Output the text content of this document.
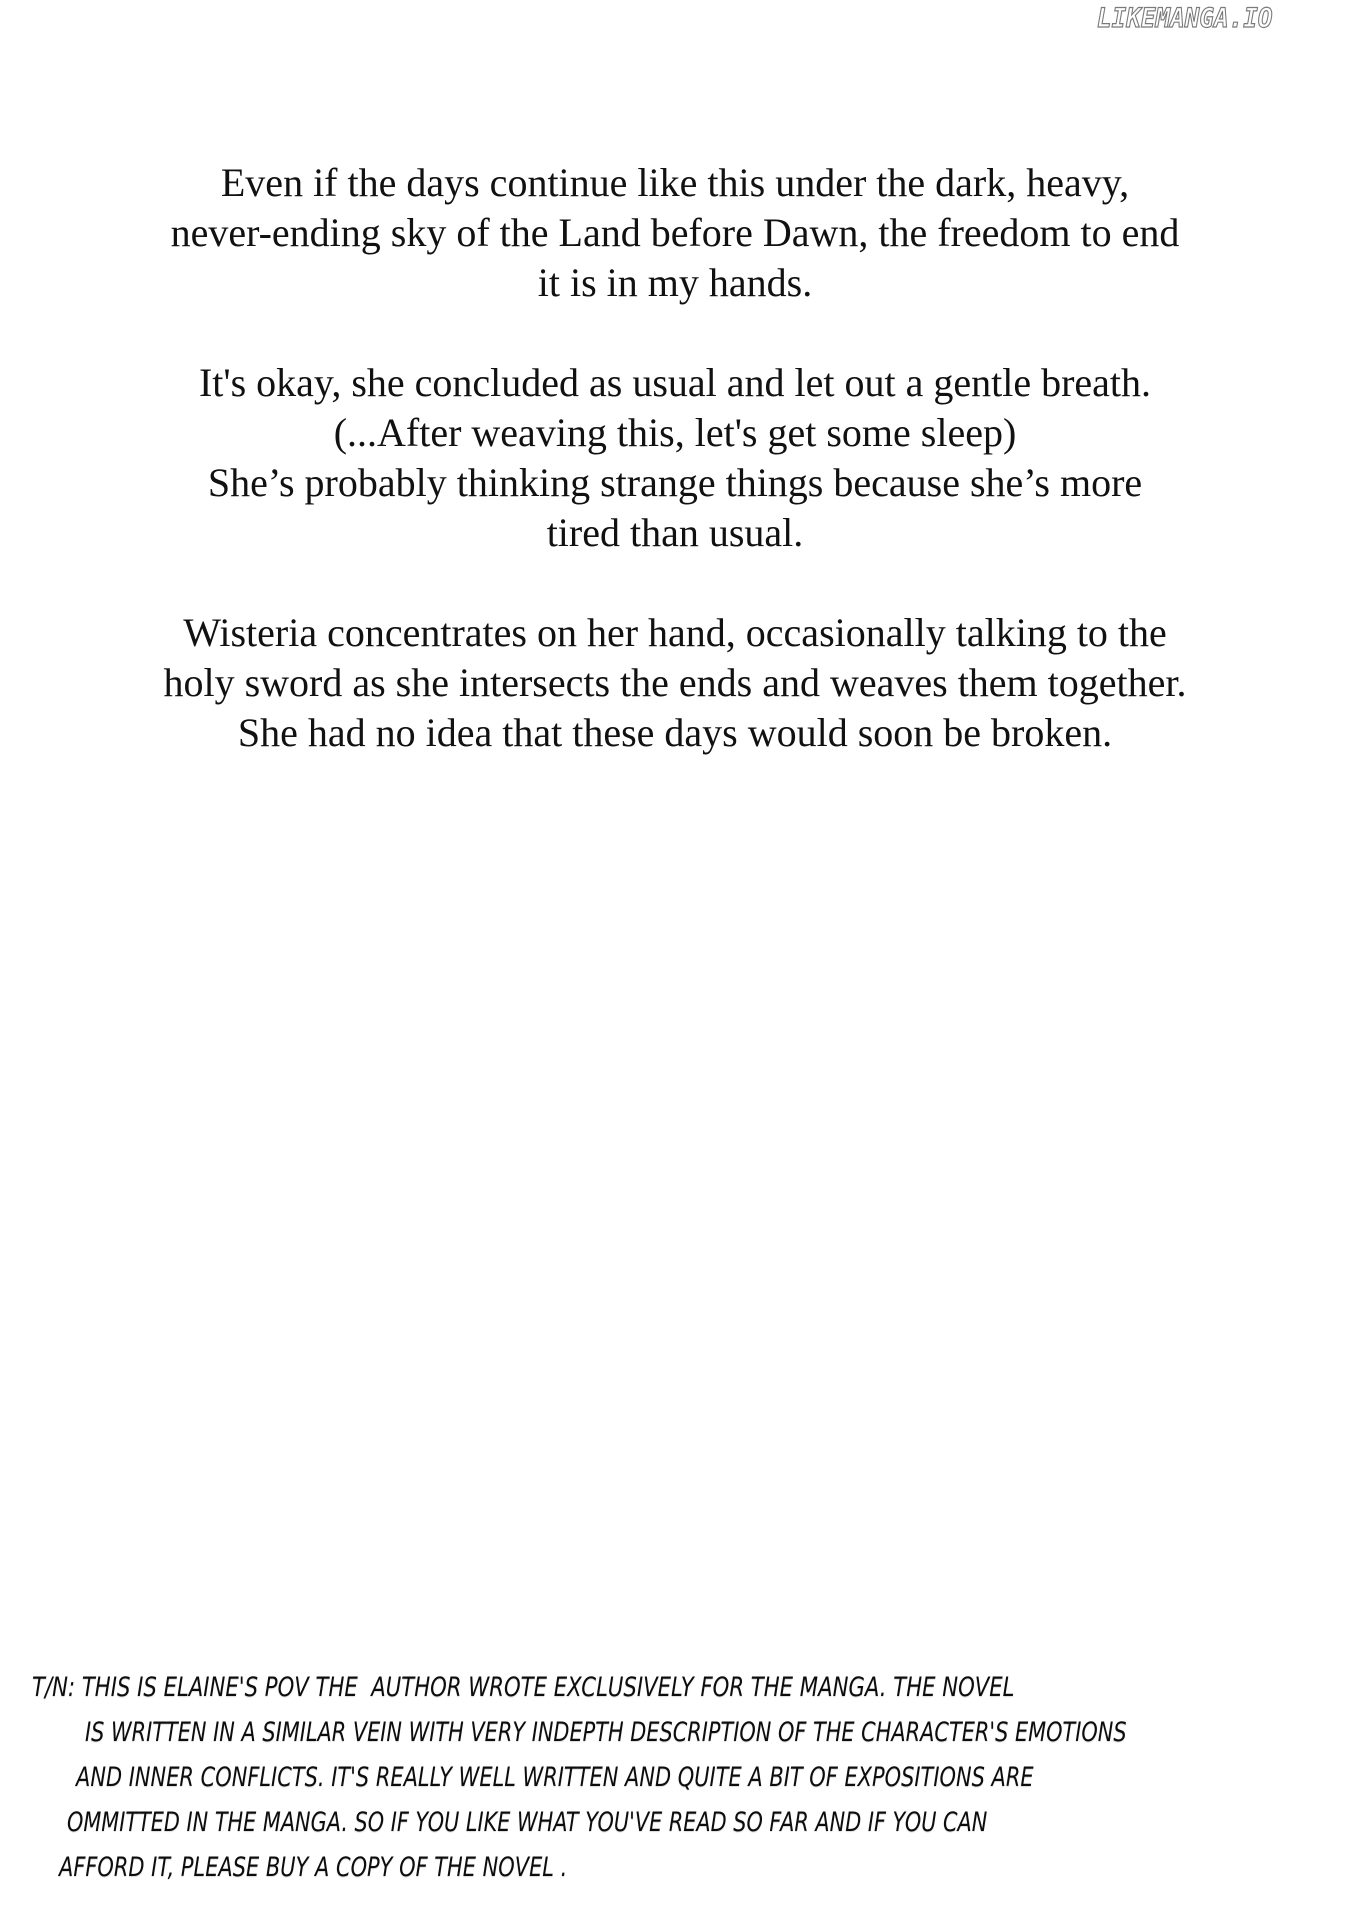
LIKEMANGA.IO
Even if the days continue like this under the dark, heavy,
never-ending sky of the Land before Dawn, the freedom to end
it is in my hands.
It's okay, she concluded as usual and let out a gentle breath.
(...After weaving this, let's get some sleep)
She’s probably thinking strange things because she’s more
tired than usual.
Wisteria concentrates on her hand, occasionally talking to the
holy sword as she intersects the ends and weaves them together.
She had no idea that these days would soon be broken.
T/N: THIS IS ELAINE'S POV THE  AUTHOR WROTE EXCLUSIVELY FOR THE MANGA. THE NOVEL
IS WRITTEN IN A SIMILAR VEIN WITH VERY INDEPTH DESCRIPTION OF THE CHARACTER'S EMOTIONS
AND INNER CONFLICTS. IT'S REALLY WELL WRITTEN AND QUITE A BIT OF EXPOSITIONS ARE
OMMITTED IN THE MANGA. SO IF YOU LIKE WHAT YOU'VE READ SO FAR AND IF YOU CAN
AFFORD IT, PLEASE BUY A COPY OF THE NOVEL .
